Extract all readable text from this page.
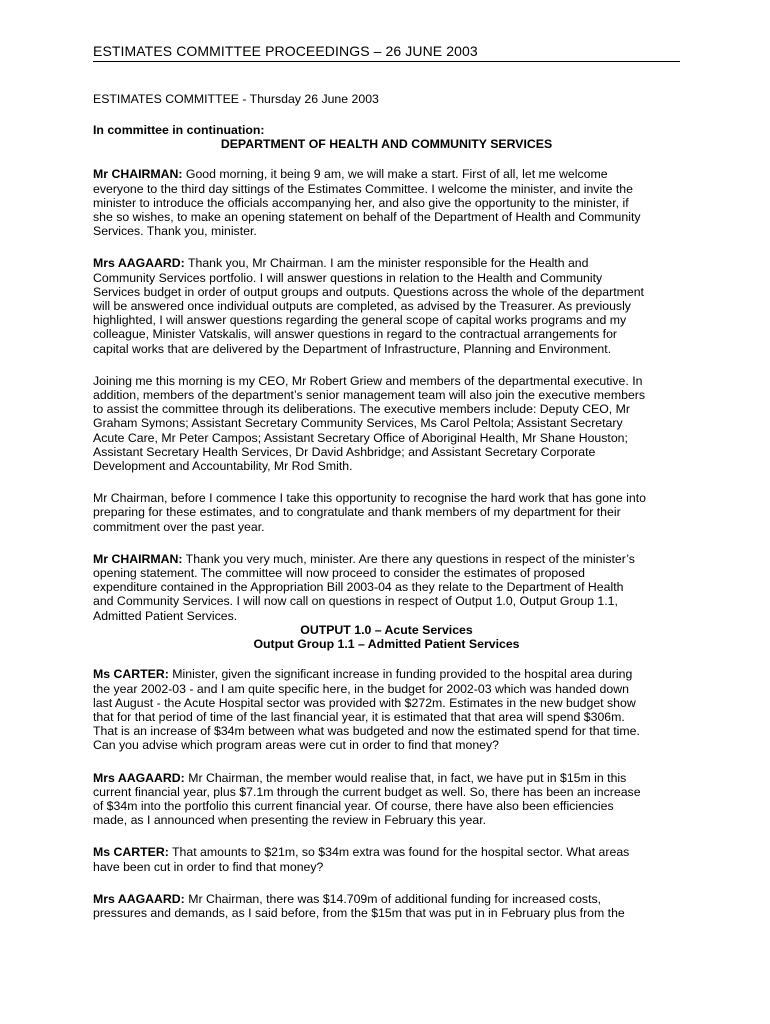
ESTIMATES COMMITTEE PROCEEDINGS – 26 JUNE 2003
ESTIMATES COMMITTEE - Thursday 26 June 2003
In committee in continuation:
DEPARTMENT OF HEALTH AND COMMUNITY SERVICES
Mr CHAIRMAN: Good morning, it being 9 am, we will make a start. First of all, let me welcome
everyone to the third day sittings of the Estimates Committee. I welcome the minister, and invite the
minister to introduce the officials accompanying her, and also give the opportunity to the minister, if
she so wishes, to make an opening statement on behalf of the Department of Health and Community
Services. Thank you, minister.
Mrs AAGAARD: Thank you, Mr Chairman. I am the minister responsible for the Health and
Community Services portfolio. I will answer questions in relation to the Health and Community
Services budget in order of output groups and outputs. Questions across the whole of the department
will be answered once individual outputs are completed, as advised by the Treasurer. As previously
highlighted, I will answer questions regarding the general scope of capital works programs and my
colleague, Minister Vatskalis, will answer questions in regard to the contractual arrangements for
capital works that are delivered by the Department of Infrastructure, Planning and Environment.
Joining me this morning is my CEO, Mr Robert Griew and members of the departmental executive. In
addition, members of the department’s senior management team will also join the executive members
to assist the committee through its deliberations. The executive members include: Deputy CEO, Mr
Graham Symons; Assistant Secretary Community Services, Ms Carol Peltola; Assistant Secretary
Acute Care, Mr Peter Campos; Assistant Secretary Office of Aboriginal Health, Mr Shane Houston;
Assistant Secretary Health Services, Dr David Ashbridge; and Assistant Secretary Corporate
Development and Accountability, Mr Rod Smith.
Mr Chairman, before I commence I take this opportunity to recognise the hard work that has gone into
preparing for these estimates, and to congratulate and thank members of my department for their
commitment over the past year.
Mr CHAIRMAN: Thank you very much, minister. Are there any questions in respect of the minister’s
opening statement. The committee will now proceed to consider the estimates of proposed
expenditure contained in the Appropriation Bill 2003-04 as they relate to the Department of Health
and Community Services. I will now call on questions in respect of Output 1.0, Output Group 1.1,
Admitted Patient Services.
OUTPUT 1.0 – Acute Services
Output Group 1.1 – Admitted Patient Services
Ms CARTER: Minister, given the significant increase in funding provided to the hospital area during
the year 2002-03 - and I am quite specific here, in the budget for 2002-03 which was handed down
last August - the Acute Hospital sector was provided with $272m. Estimates in the new budget show
that for that period of time of the last financial year, it is estimated that that area will spend $306m.
That is an increase of $34m between what was budgeted and now the estimated spend for that time.
Can you advise which program areas were cut in order to find that money?
Mrs AAGAARD: Mr Chairman, the member would realise that, in fact, we have put in $15m in this
current financial year, plus $7.1m through the current budget as well. So, there has been an increase
of $34m into the portfolio this current financial year. Of course, there have also been efficiencies
made, as I announced when presenting the review in February this year.
Ms CARTER: That amounts to $21m, so $34m extra was found for the hospital sector. What areas
have been cut in order to find that money?
Mrs AAGAARD: Mr Chairman, there was $14.709m of additional funding for increased costs,
pressures and demands, as I said before, from the $15m that was put in in February plus from the
